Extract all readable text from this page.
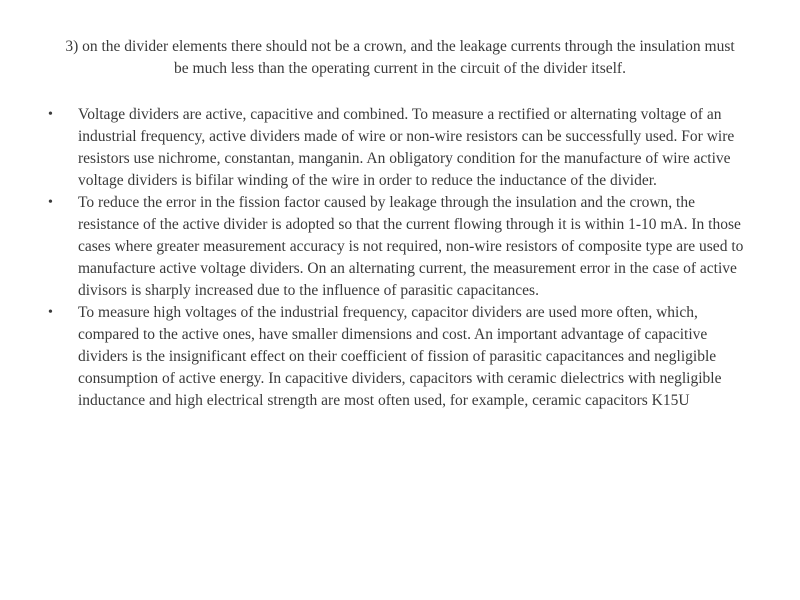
3) on the divider elements there should not be a crown, and the leakage currents through the insulation must be much less than the operating current in the circuit of the divider itself.

• Voltage dividers are active, capacitive and combined. To measure a rectified or alternating voltage of an industrial frequency, active dividers made of wire or non-wire resistors can be successfully used. For wire resistors use nichrome, constantan, manganin. An obligatory condition for the manufacture of wire active voltage dividers is bifilar winding of the wire in order to reduce the inductance of the divider.
• To reduce the error in the fission factor caused by leakage through the insulation and the crown, the resistance of the active divider is adopted so that the current flowing through it is within 1-10 mA. In those cases where greater measurement accuracy is not required, non-wire resistors of composite type are used to manufacture active voltage dividers. On an alternating current, the measurement error in the case of active divisors is sharply increased due to the influence of parasitic capacitances.
• To measure high voltages of the industrial frequency, capacitor dividers are used more often, which, compared to the active ones, have smaller dimensions and cost. An important advantage of capacitive dividers is the insignificant effect on their coefficient of fission of parasitic capacitances and negligible consumption of active energy. In capacitive dividers, capacitors with ceramic dielectrics with negligible inductance and high electrical strength are most often used, for example, ceramic capacitors K15U
